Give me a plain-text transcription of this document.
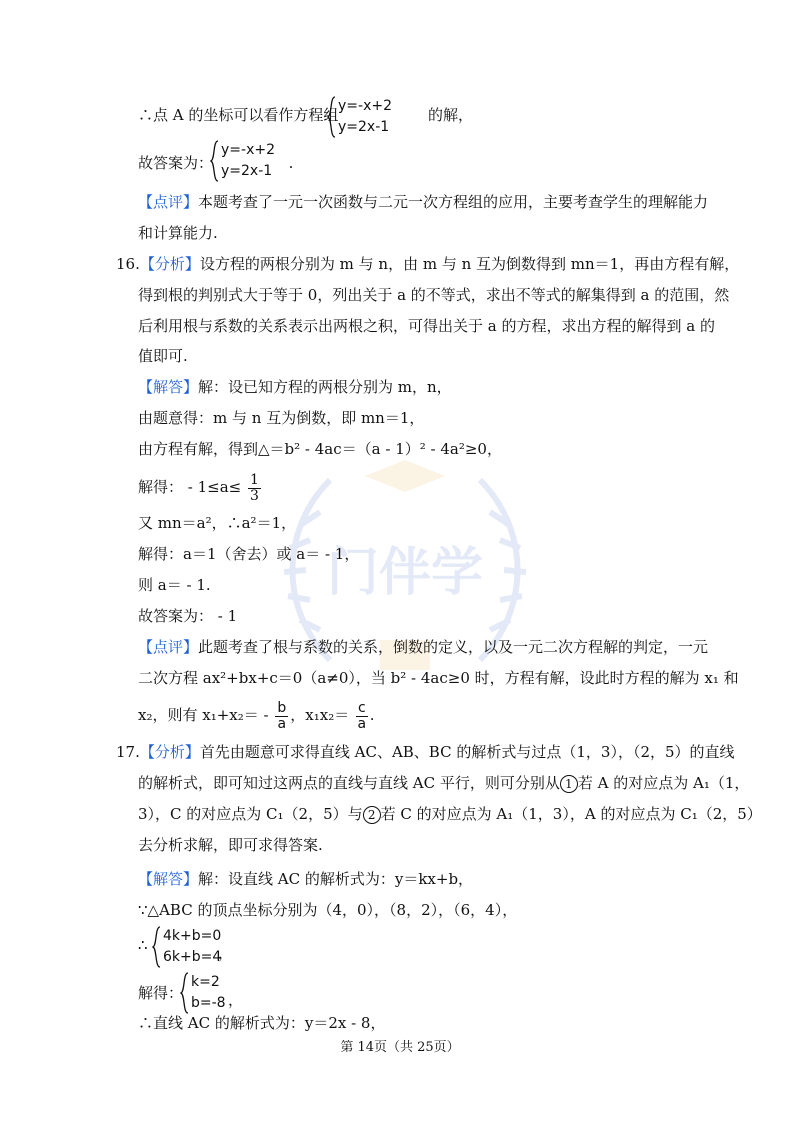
门伴学
∴点 A 的坐标可以看作方程组	的解，
y=-x+2
y=2x-1
故答案为：	.
y=-x+2
y=2x-1
【点评】本题考查了一元一次函数与二元一次方程组的应用，主要考查学生的理解能力
和计算能力.
16.【分析】设方程的两根分别为 m 与 n，由 m 与 n 互为倒数得到 mn＝1，再由方程有解，
得到根的判别式大于等于 0，列出关于 a 的不等式，求出不等式的解集得到 a 的范围，然
后利用根与系数的关系表示出两根之积，可得出关于 a 的方程，求出方程的解得到 a 的
值即可.
【解答】解：设已知方程的两根分别为 m，n，
由题意得：m 与 n 互为倒数，即 mn＝1，
由方程有解，得到△＝b² - 4ac＝（a - 1）² - 4a²≥0，
解得： - $1\le a\le \frac{1}{3}$
又 mn＝a²，∴a²＝1，
解得：a＝1（舍去）或 a＝ - 1，
则 a＝ - 1.
故答案为： - 1
【点评】此题考查了根与系数的关系，倒数的定义，以及一元二次方程解的判定，一元
二次方程 ax²+bx+c＝0（a≠0），当 b² - 4ac≥0 时，方程有解，设此时方程的解为 x₁ 和
x₂，则有 $x_1+x_2= - \frac{b}{a}$ ，$x_1x_2= \frac{c}{a}$ .
17.【分析】首先由题意可求得直线 AC、AB、BC 的解析式与过点（1，3），（2，5）的直线
的解析式，即可知过这两点的直线与直线 AC 平行，则可分别从 1 若 A 的对应点为 A₁（1，
3），C 的对应点为 C₁（2，5）与 2 若 C 的对应点为 A₁（1，3），A 的对应点为 C₁（2，5）
去分析求解，即可求得答案.
【解答】解：设直线 AC 的解析式为：y＝kx+b，
∵△ABC 的顶点坐标分别为（4，0），（8，2），（6，4），
∴ 4k+b=0
6k+b=4
，
解得：
k=2
b=-8 ，
∴直线 AC 的解析式为：y＝2x - 8，
第 14页（共 25页）
